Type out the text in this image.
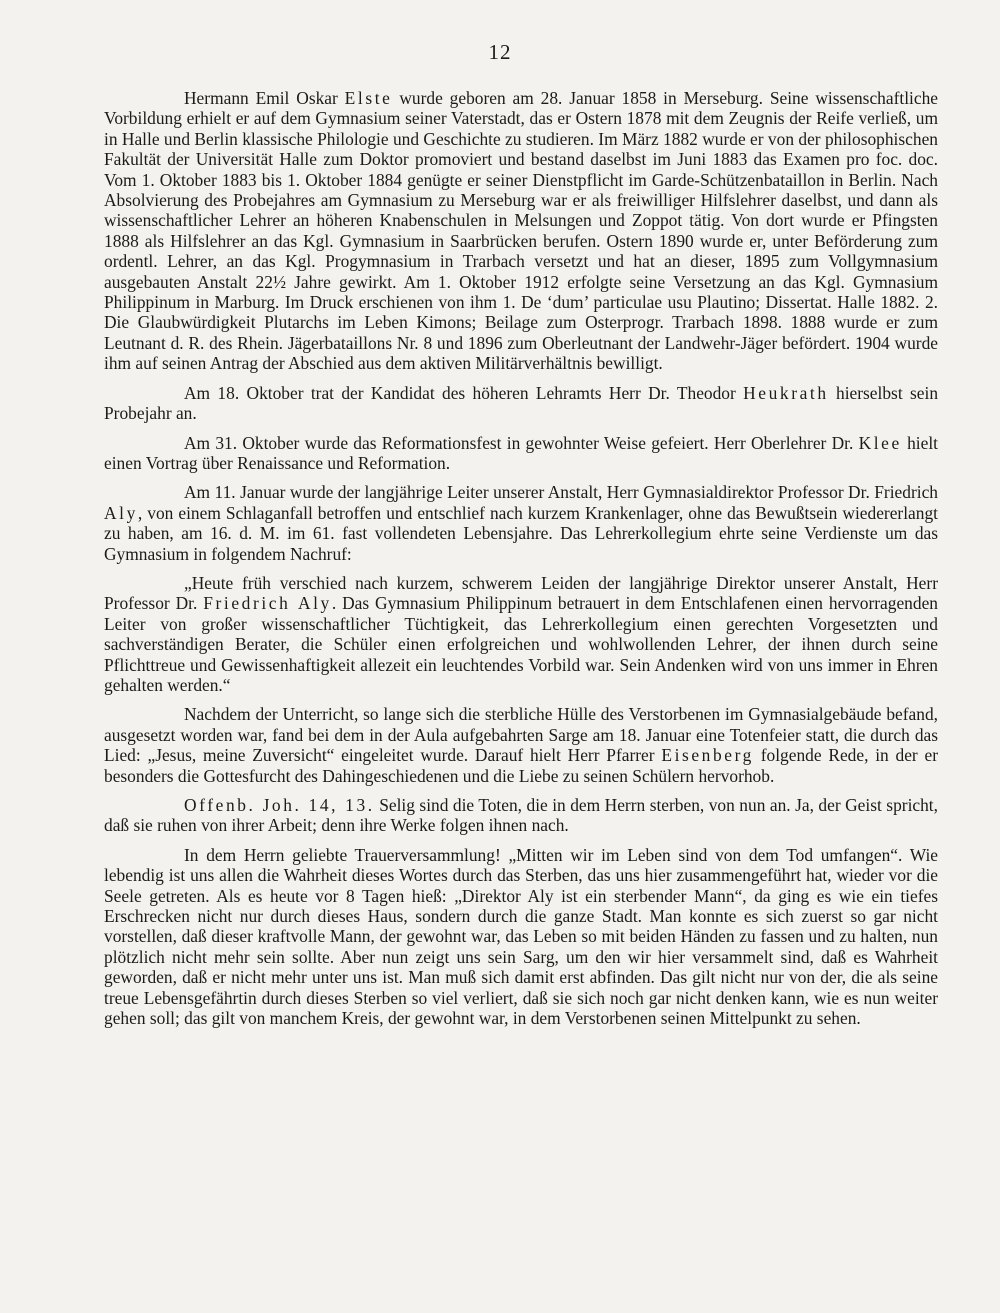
12

Hermann Emil Oskar Elste wurde geboren am 28. Januar 1858 in Merseburg. Seine wissenschaftliche Vorbildung erhielt er auf dem Gymnasium seiner Vaterstadt, das er Ostern 1878 mit dem Zeugnis der Reife verließ, um in Halle und Berlin klassische Philologie und Geschichte zu studieren. Im März 1882 wurde er von der philosophischen Fakultät der Universität Halle zum Doktor promoviert und bestand daselbst im Juni 1883 das Examen pro foc. doc. Vom 1. Oktober 1883 bis 1. Oktober 1884 genügte er seiner Dienstpflicht im Garde-Schützenbataillon in Berlin. Nach Absolvierung des Probejahres am Gymnasium zu Merseburg war er als freiwilliger Hilfslehrer daselbst, und dann als wissenschaftlicher Lehrer an höheren Knabenschulen in Melsungen und Zoppot tätig. Von dort wurde er Pfingsten 1888 als Hilfslehrer an das Kgl. Gymnasium in Saarbrücken berufen. Ostern 1890 wurde er, unter Beförderung zum ordentl. Lehrer, an das Kgl. Progymnasium in Trarbach versetzt und hat an dieser, 1895 zum Vollgymnasium ausgebauten Anstalt 22½ Jahre gewirkt. Am 1. Oktober 1912 erfolgte seine Versetzung an das Kgl. Gymnasium Philippinum in Marburg. Im Druck erschienen von ihm 1. De ‘dum’ particulae usu Plautino; Dissertat. Halle 1882. 2. Die Glaubwürdigkeit Plutarchs im Leben Kimons; Beilage zum Osterprogr. Trarbach 1898. 1888 wurde er zum Leutnant d. R. des Rhein. Jägerbataillons Nr. 8 und 1896 zum Oberleutnant der Landwehr-Jäger befördert. 1904 wurde ihm auf seinen Antrag der Abschied aus dem aktiven Militärverhältnis bewilligt.

Am 18. Oktober trat der Kandidat des höheren Lehramts Herr Dr. Theodor Heukrath hierselbst sein Probejahr an.

Am 31. Oktober wurde das Reformationsfest in gewohnter Weise gefeiert. Herr Oberlehrer Dr. Klee hielt einen Vortrag über Renaissance und Reformation.

Am 11. Januar wurde der langjährige Leiter unserer Anstalt, Herr Gymnasialdirektor Professor Dr. Friedrich Aly, von einem Schlaganfall betroffen und entschlief nach kurzem Krankenlager, ohne das Bewußtsein wiedererlangt zu haben, am 16. d. M. im 61. fast vollendeten Lebensjahre. Das Lehrerkollegium ehrte seine Verdienste um das Gymnasium in folgendem Nachruf:

„Heute früh verschied nach kurzem, schwerem Leiden der langjährige Direktor unserer Anstalt, Herr Professor Dr. Friedrich Aly. Das Gymnasium Philippinum betrauert in dem Entschlafenen einen hervorragenden Leiter von großer wissenschaftlicher Tüchtigkeit, das Lehrerkollegium einen gerechten Vorgesetzten und sachverständigen Berater, die Schüler einen erfolgreichen und wohlwollenden Lehrer, der ihnen durch seine Pflichttreue und Gewissenhaftigkeit allezeit ein leuchtendes Vorbild war. Sein Andenken wird von uns immer in Ehren gehalten werden.“

Nachdem der Unterricht, so lange sich die sterbliche Hülle des Verstorbenen im Gymnasialgebäude befand, ausgesetzt worden war, fand bei dem in der Aula aufgebahrten Sarge am 18. Januar eine Totenfeier statt, die durch das Lied: „Jesus, meine Zuversicht“ eingeleitet wurde. Darauf hielt Herr Pfarrer Eisenberg folgende Rede, in der er besonders die Gottesfurcht des Dahingeschiedenen und die Liebe zu seinen Schülern hervorhob.

Offenb. Joh. 14, 13. Selig sind die Toten, die in dem Herrn sterben, von nun an. Ja, der Geist spricht, daß sie ruhen von ihrer Arbeit; denn ihre Werke folgen ihnen nach.

In dem Herrn geliebte Trauerversammlung! „Mitten wir im Leben sind von dem Tod umfangen“. Wie lebendig ist uns allen die Wahrheit dieses Wortes durch das Sterben, das uns hier zusammengeführt hat, wieder vor die Seele getreten. Als es heute vor 8 Tagen hieß: „Direktor Aly ist ein sterbender Mann“, da ging es wie ein tiefes Erschrecken nicht nur durch dieses Haus, sondern durch die ganze Stadt. Man konnte es sich zuerst so gar nicht vorstellen, daß dieser kraftvolle Mann, der gewohnt war, das Leben so mit beiden Händen zu fassen und zu halten, nun plötzlich nicht mehr sein sollte. Aber nun zeigt uns sein Sarg, um den wir hier versammelt sind, daß es Wahrheit geworden, daß er nicht mehr unter uns ist. Man muß sich damit erst abfinden. Das gilt nicht nur von der, die als seine treue Lebensgefährtin durch dieses Sterben so viel verliert, daß sie sich noch gar nicht denken kann, wie es nun weiter gehen soll; das gilt von manchem Kreis, der gewohnt war, in dem Verstorbenen seinen Mittelpunkt zu sehen.
